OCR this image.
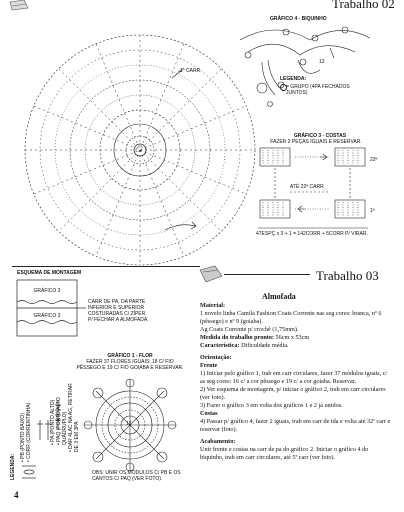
Trabalho 02
GRÁFICO 4 - BIQUINHO
12
LEGENDA:
= GRUPO (4PA FECHADOS JUNTOS)
1º CARR
GRÁFICO 3 - COSTAS
FAZER 2 PEÇAS IGUAIS E RESERVAR.
22ª
ATÉ 22ª CARR
1ª
47ESPÇ x 3 + 1 = 142CORR + 5CORR P/ VIRAR.
ESQUEMA DE MONTAGEM
GRÁFICO 3
GRÁFICO 3
CARR DE PA, DA PARTE
INFERIOR E SUPERIOR
COSTURADAS C/ ZÍPER.
P/ FECHAR A ALMOFADA.
Trabalho 03
Almofada

Material:

1 novelo linha Camila Fashion Coats Corrente nas seg cores: branca, nº 6 (pêssego) e nº 9 (goiaba).

Ag Coats Corrente p/ crochê (1,75mm).

Medida do trabalho pronto: 56cm x 53cm

Característica: Dificuldade média.

Orientação:

Frente

1) Iniciar pelo gráfico 1, trab em carr circulares, fazer 37 módulos iguais, c/ as seg cores: 16 c/ a cor pêssego e 19 c/ a cor goiaba. Reservar.

2) Ver esquema de montagem, p/ iniciar o gráfico 2, trab em carr circulares (ver foto).

3) Fazer o gráfico 3 em volta dos gráficos 1 e 2 já unidos.

Costas

4) Passar p/ gráfico 4, fazer 2 iguais, trab em carr de ida e volta até 32ª carr e reservar (foto).

Acabamento:

Unir frente e costas na carr de pa do gráfico 2. Iniciar o gráfico 4 do biquinho, trab em carr circulares, até 5ª carr (ver foto).

GRÁFICO 1 - FLOR
FAZER 37 FLORES IGUAIS: 18 C/ FIO
PÊSSEGO E 19 C/ FIO GOIABA E RESERVAR.
12
OBS: UNIR OS MÓDULOS C/ PB E OS
CANTOS C/ PAQ (VER FOTO).
• DAR 4LAC NA AG, RETIRAR
DE 3 EM 3PA
• PA (PONTO ALTO)
• PAQ (PONTO ALTO QUÁDRUPLO)
LEGENDA: • PB (PONTO BAIXO)
• CORR (CORRENTINHA)
4
